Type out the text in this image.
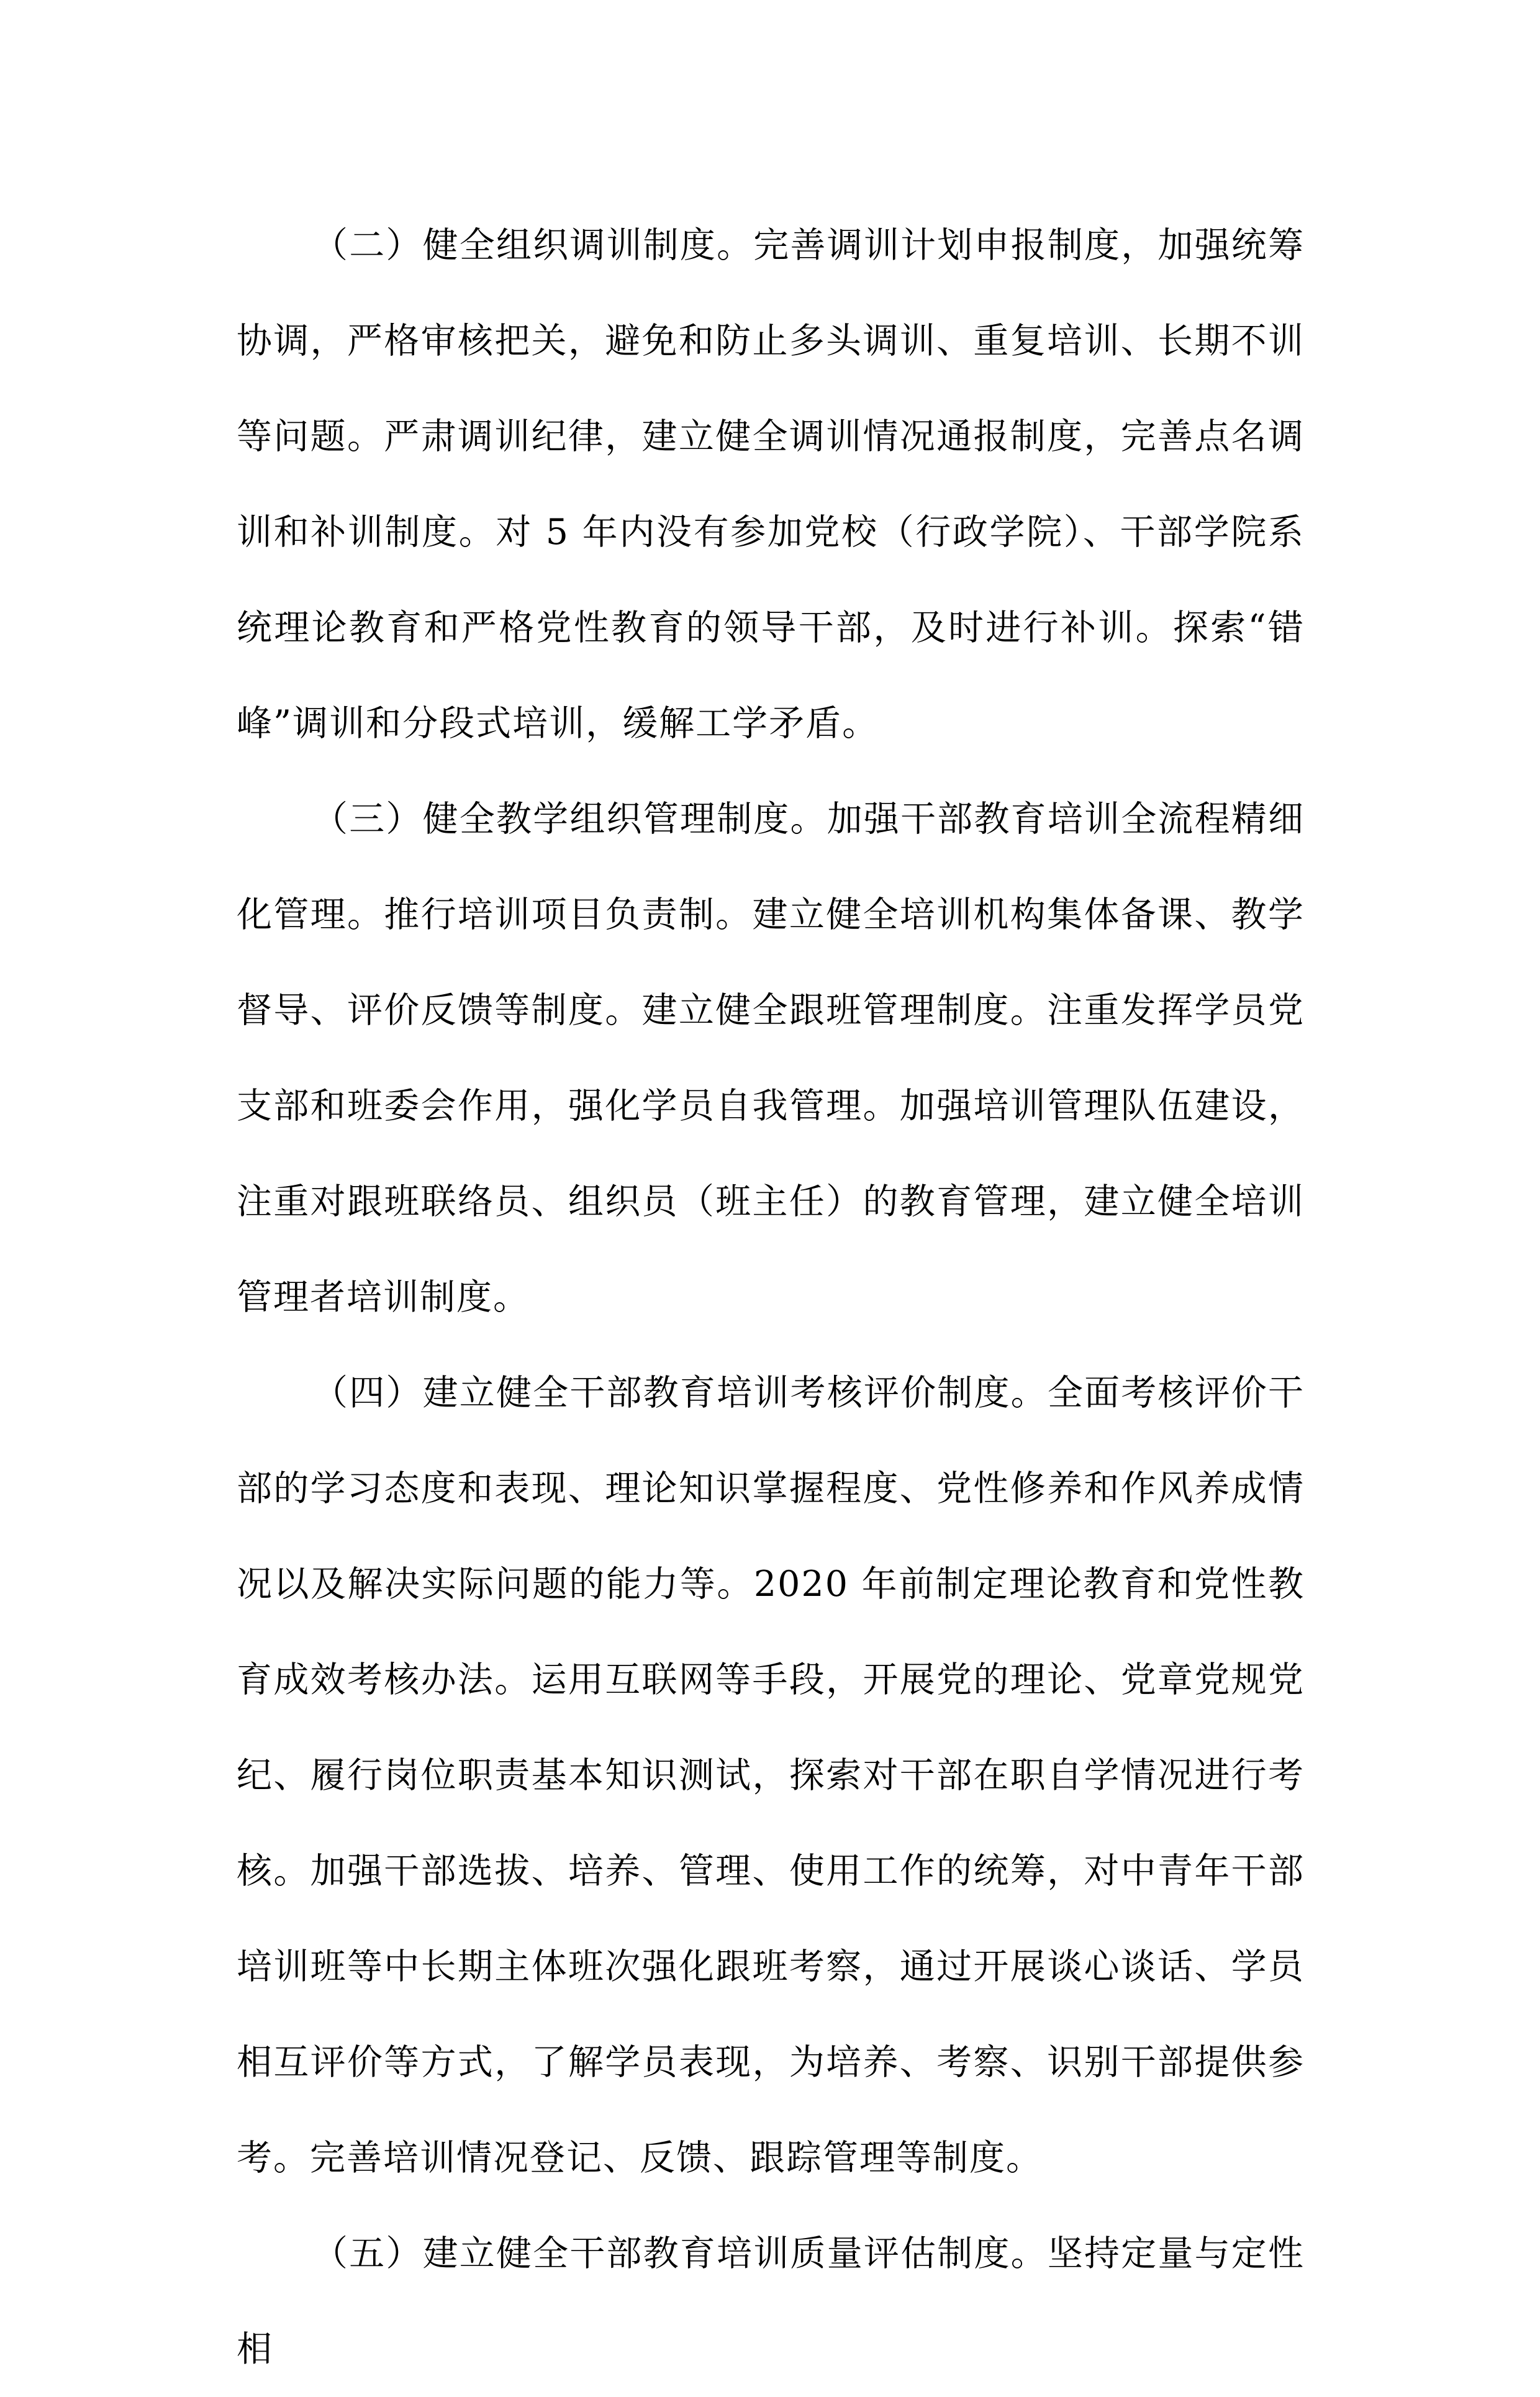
（二）健全组织调训制度。完善调训计划申报制度，加强统筹协调，严格审核把关，避免和防止多头调训、重复培训、长期不训等问题。严肃调训纪律，建立健全调训情况通报制度，完善点名调训和补训制度。对 5 年内没有参加党校（行政学院）、干部学院系统理论教育和严格党性教育的领导干部，及时进行补训。探索“错峰”调训和分段式培训，缓解工学矛盾。

（三）健全教学组织管理制度。加强干部教育培训全流程精细化管理。推行培训项目负责制。建立健全培训机构集体备课、教学督导、评价反馈等制度。建立健全跟班管理制度。注重发挥学员党支部和班委会作用，强化学员自我管理。加强培训管理队伍建设，注重对跟班联络员、组织员（班主任）的教育管理，建立健全培训管理者培训制度。

（四）建立健全干部教育培训考核评价制度。全面考核评价干部的学习态度和表现、理论知识掌握程度、党性修养和作风养成情况以及解决实际问题的能力等。2020 年前制定理论教育和党性教育成效考核办法。运用互联网等手段，开展党的理论、党章党规党纪、履行岗位职责基本知识测试，探索对干部在职自学情况进行考核。加强干部选拔、培养、管理、使用工作的统筹，对中青年干部培训班等中长期主体班次强化跟班考察，通过开展谈心谈话、学员相互评价等方式，了解学员表现，为培养、考察、识别干部提供参考。完善培训情况登记、反馈、跟踪管理等制度。

（五）建立健全干部教育培训质量评估制度。坚持定量与定性相
